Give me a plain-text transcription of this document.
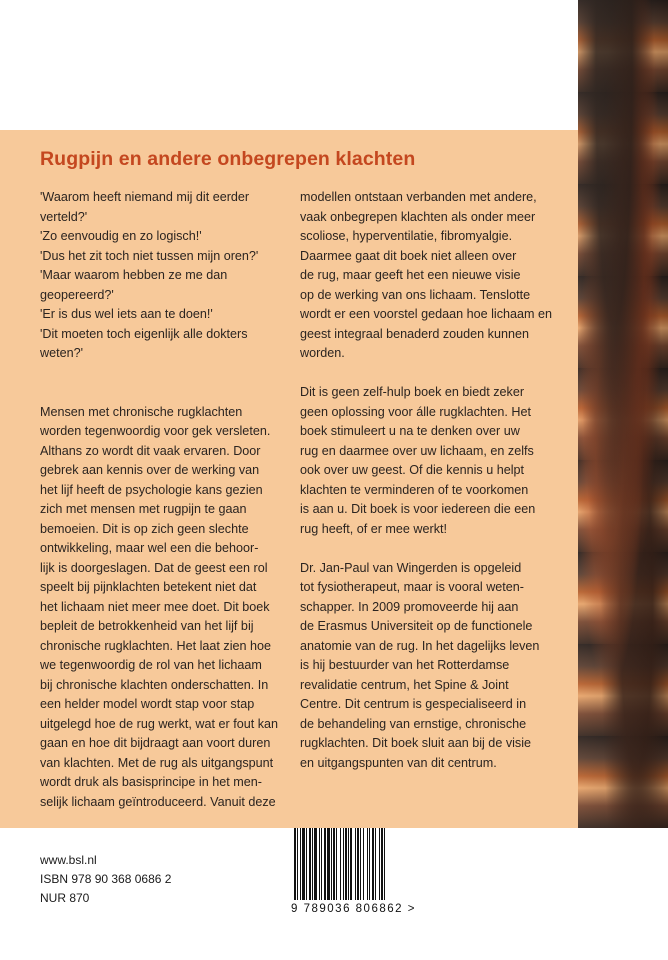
Rugpijn en andere onbegrepen klachten
'Waarom heeft niemand mij dit eerder
verteld?'
'Zo eenvoudig en zo logisch!'
'Dus het zit toch niet tussen mijn oren?'
'Maar waarom hebben ze me dan
geopereerd?'
'Er is dus wel iets aan te doen!'
'Dit moeten toch eigenlijk alle dokters
weten?'
Mensen met chronische rugklachten
worden tegenwoordig voor gek versleten.
Althans zo wordt dit vaak ervaren. Door
gebrek aan kennis over de werking van
het lijf heeft de psychologie kans gezien
zich met mensen met rugpijn te gaan
bemoeien. Dit is op zich geen slechte
ontwikkeling, maar wel een die behoor-
lijk is doorgeslagen. Dat de geest een rol
speelt bij pijnklachten betekent niet dat
het lichaam niet meer mee doet. Dit boek
bepleit de betrokkenheid van het lijf bij
chronische rugklachten. Het laat zien hoe
we tegenwoordig de rol van het lichaam
bij chronische klachten onderschatten. In
een helder model wordt stap voor stap
uitgelegd hoe de rug werkt, wat er fout kan
gaan en hoe dit bijdraagt aan voort duren
van klachten. Met de rug als uitgangspunt
wordt druk als basisprincipe in het men-
selijk lichaam geïntroduceerd. Vanuit deze
modellen ontstaan verbanden met andere,
vaak onbegrepen klachten als onder meer
scoliose, hyperventilatie, fibromyalgie.
Daarmee gaat dit boek niet alleen over
de rug, maar geeft het een nieuwe visie
op de werking van ons lichaam. Tenslotte
wordt er een voorstel gedaan hoe lichaam en
geest integraal benaderd zouden kunnen
worden.
Dit is geen zelf-hulp boek en biedt zeker
geen oplossing voor álle rugklachten. Het
boek stimuleert u na te denken over uw
rug en daarmee over uw lichaam, en zelfs
ook over uw geest. Of die kennis u helpt
klachten te verminderen of te voorkomen
is aan u. Dit boek is voor iedereen die een
rug heeft, of er mee werkt!
Dr. Jan-Paul van Wingerden is opgeleid
tot fysiotherapeut, maar is vooral weten-
schapper. In 2009 promoveerde hij aan
de Erasmus Universiteit op de functionele
anatomie van de rug. In het dagelijks leven
is hij bestuurder van het Rotterdamse
revalidatie centrum, het Spine & Joint
Centre. Dit centrum is gespecialiseerd in
de behandeling van ernstige, chronische
rugklachten. Dit boek sluit aan bij de visie
en uitgangspunten van dit centrum.
www.bsl.nl
ISBN 978 90 368 0686 2
NUR 870
9 789036 806862 >
